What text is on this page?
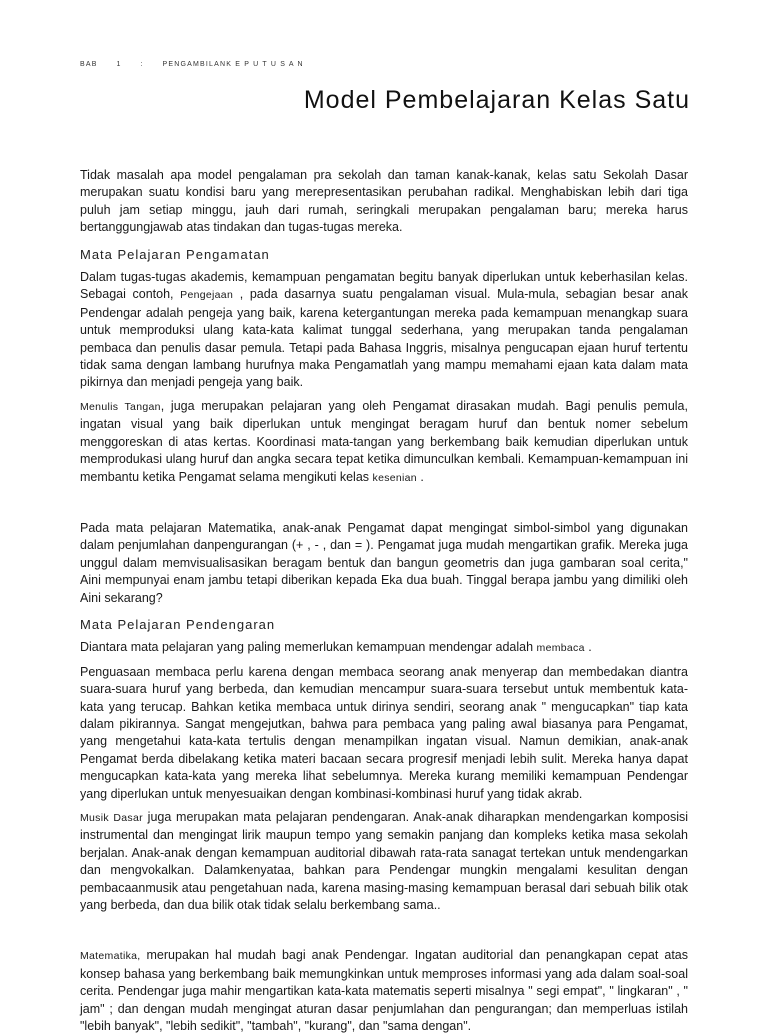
BAB      1      :      PENGAMBILANK E P U T U S A N
Model Pembelajaran Kelas Satu

Tidak masalah apa model pengalaman pra sekolah dan taman kanak-kanak, kelas satu Sekolah Dasar merupakan suatu kondisi baru yang merepresentasikan perubahan radikal. Menghabiskan lebih dari tiga puluh jam setiap minggu, jauh dari rumah, seringkali merupakan pengalaman baru; mereka harus bertanggungjawab atas tindakan dan tugas-tugas mereka.

Mata Pelajaran Pengamatan

Dalam tugas-tugas akademis, kemampuan pengamatan begitu banyak diperlukan untuk keberhasilan kelas. Sebagai contoh, Pengejaan , pada dasarnya suatu pengalaman visual. Mula-mula, sebagian besar anak Pendengar adalah pengeja yang baik, karena ketergantungan mereka pada kemampuan menangkap suara untuk memproduksi ulang kata-kata kalimat tunggal sederhana, yang merupakan tanda pengalaman pembaca dan penulis dasar pemula. Tetapi pada Bahasa Inggris, misalnya pengucapan ejaan huruf tertentu tidak sama dengan lambang hurufnya maka Pengamatlah yang mampu memahami ejaan kata dalam mata pikirnya dan menjadi pengeja yang baik.

Menulis Tangan, juga merupakan pelajaran yang oleh Pengamat dirasakan mudah. Bagi penulis pemula, ingatan visual yang baik diperlukan untuk mengingat beragam huruf dan bentuk nomer sebelum menggoreskan di atas kertas. Koordinasi mata-tangan yang berkembang baik kemudian diperlukan untuk memprodukasi ulang huruf dan angka secara tepat ketika dimunculkan kembali. Kemampuan-kemampuan ini membantu ketika Pengamat selama mengikuti kelas kesenian .

Pada mata pelajaran Matematika, anak-anak Pengamat dapat mengingat simbol-simbol yang digunakan dalam penjumlahan danpengurangan (+ , - , dan = ). Pengamat juga mudah mengartikan grafik. Mereka juga unggul dalam memvisualisasikan beragam bentuk dan bangun geometris dan juga gambaran soal cerita," Aini mempunyai enam jambu tetapi diberikan kepada Eka dua buah. Tinggal berapa jambu yang dimiliki oleh Aini sekarang?

Mata Pelajaran Pendengaran

Diantara mata pelajaran yang paling memerlukan kemampuan mendengar adalah membaca .

Penguasaan membaca perlu karena dengan membaca seorang anak menyerap dan membedakan diantra suara-suara huruf yang berbeda, dan kemudian mencampur suara-suara tersebut untuk membentuk kata-kata yang terucap. Bahkan ketika membaca untuk dirinya sendiri, seorang anak " mengucapkan" tiap kata dalam pikirannya. Sangat mengejutkan, bahwa para pembaca yang paling awal biasanya para Pengamat, yang mengetahui kata-kata tertulis dengan menampilkan ingatan visual. Namun demikian, anak-anak Pengamat berda dibelakang ketika materi bacaan secara progresif menjadi lebih sulit. Mereka hanya dapat mengucapkan kata-kata yang mereka lihat sebelumnya. Mereka kurang memiliki kemampuan Pendengar yang diperlukan untuk menyesuaikan dengan kombinasi-kombinasi huruf yang tidak akrab.

Musik Dasar juga merupakan mata pelajaran pendengaran. Anak-anak diharapkan mendengarkan komposisi instrumental dan mengingat lirik maupun tempo yang semakin panjang dan kompleks ketika masa sekolah berjalan. Anak-anak dengan kemampuan auditorial dibawah rata-rata sanagat tertekan untuk mendengarkan dan mengvokalkan. Dalamkenyataa, bahkan para Pendengar mungkin mengalami kesulitan dengan pembacaanmusik atau pengetahuan nada, karena masing-masing kemampuan berasal dari sebuah bilik otak yang berbeda, dan dua bilik otak tidak selalu berkembang sama..

Matematika, merupakan hal mudah bagi anak Pendengar. Ingatan auditorial dan penangkapan cepat atas konsep bahasa yang berkembang baik memungkinkan untuk memproses informasi yang ada dalam soal-soal cerita. Pendengar juga mahir mengartikan kata-kata matematis seperti misalnya " segi empat", " lingkaran" , " jam" ; dan dengan mudah mengingat aturan dasar penjumlahan dan pengurangan; dan memperluas istilah "lebih banyak", "lebih sedikit", "tambah", "kurang", dan "sama dengan".
